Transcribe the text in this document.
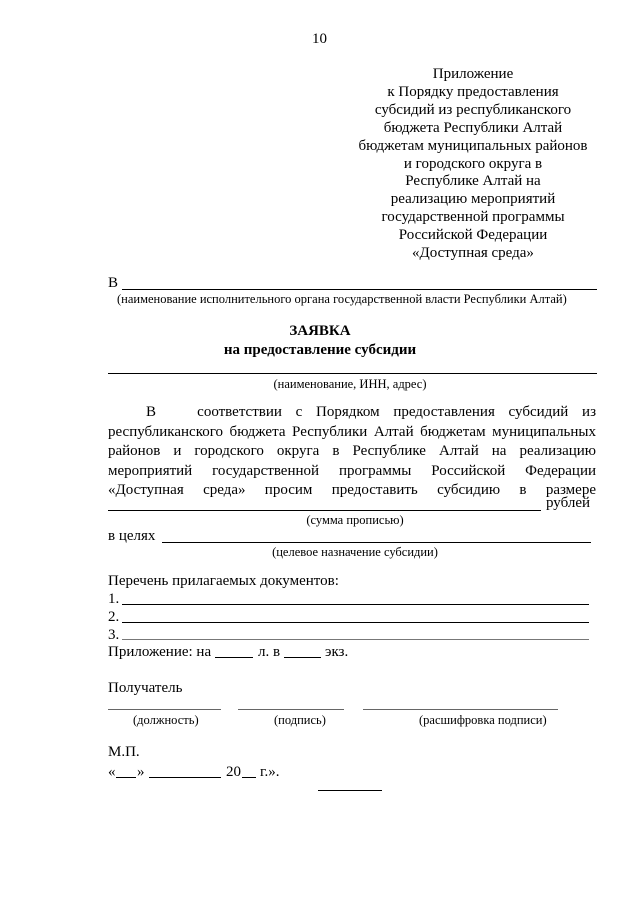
10
Приложение
к Порядку предоставления
субсидий из республиканского
бюджета Республики Алтай
бюджетам муниципальных районов
и городского округа в
Республике Алтай на
реализацию мероприятий
государственной программы
Российской Федерации
«Доступная среда»
В
(наименование исполнительного органа государственной власти Республики Алтай)
ЗАЯВКА
на предоставление субсидии
(наименование, ИНН, адрес)
В      соответствии  с  Порядком  предоставления  субсидий  из
республиканского бюджета Республики Алтай бюджетам муниципальных
районов и городского округа в Республике Алтай на реализацию
мероприятий государственной программы Российской Федерации
«Доступная среда» просим предоставить субсидию в размере
рублей
(сумма прописью)
в целях
(целевое назначение субсидии)
Перечень прилагаемых документов:
1.
2.
3.
Приложение: на	л. в	экз.
Получатель
(должность)	(подпись)	(расшифровка подписи)
М.П.
« »	20 г.».
